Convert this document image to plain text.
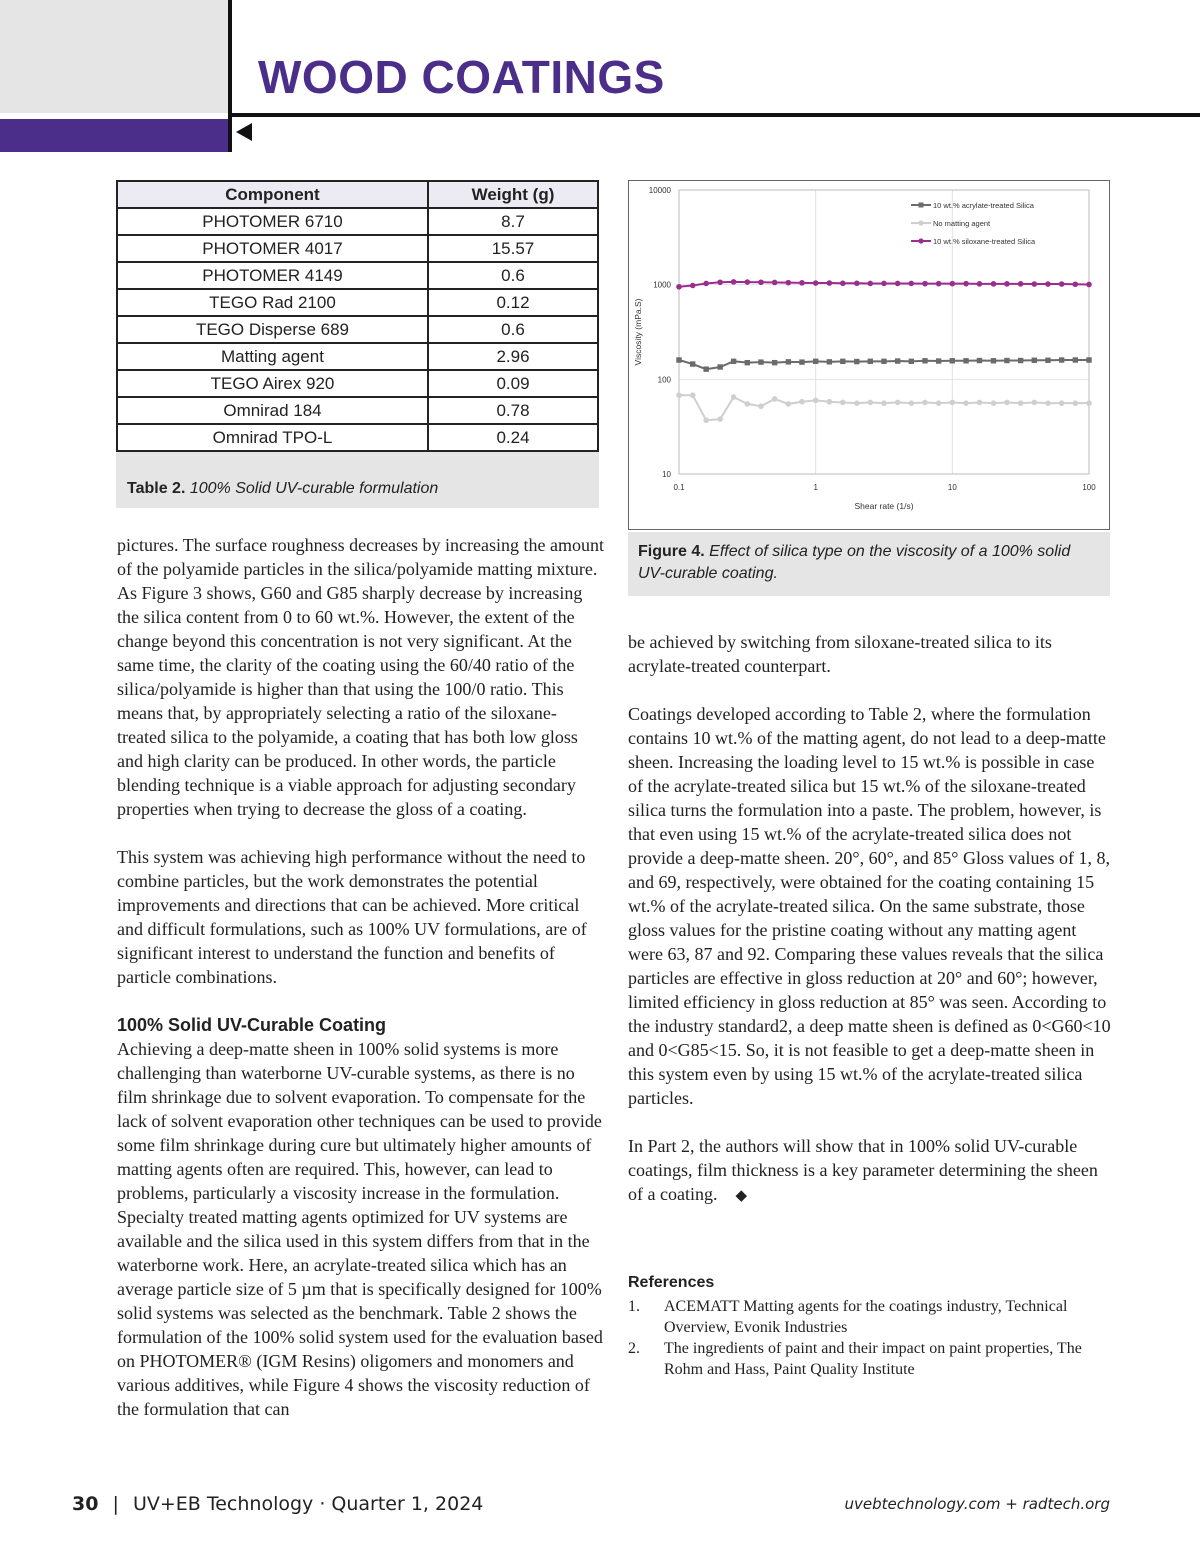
WOOD COATINGS
Component	Weight (g)
PHOTOMER 6710	8.7
PHOTOMER 4017	15.57
PHOTOMER 4149	0.6
TEGO Rad 2100	0.12
TEGO Disperse 689	0.6
Matting agent	2.96
TEGO Airex 920	0.09
Omnirad 184	0.78
Omnirad TPO-L	0.24
Table 2. 100% Solid UV-curable formulation	0.1	1	10	100
10
100
1000
10000
Shear rate (1/s)
Viscosity (mPa.S)
10 wt.% acrylate-treated Silica
No matting agent
10 wt.% siloxane-treated Silica
Figure 4. Effect of silica type on the viscosity of a 100% solid UV-curable coating.

pictures. The surface roughness decreases by increasing the amount of the polyamide particles in the silica/polyamide matting mixture. As Figure 3 shows, G60 and G85 sharply decrease by increasing the silica content from 0 to 60 wt.%. However, the extent of the change beyond this concentration is not very significant. At the same time, the clarity of the coating using the 60/40 ratio of the silica/polyamide is higher than that using the 100/0 ratio. This means that, by appropriately selecting a ratio of the siloxane-treated silica to the polyamide, a coating that has both low gloss and high clarity can be produced. In other words, the particle blending technique is a viable approach for adjusting secondary properties when trying to decrease the gloss of a coating.

This system was achieving high performance without the need to combine particles, but the work demonstrates the potential improvements and directions that can be achieved. More critical and difficult formulations, such as 100% UV formulations, are of significant interest to understand the function and benefits of particle combinations.

100% Solid UV-Curable Coating

Achieving a deep-matte sheen in 100% solid systems is more challenging than waterborne UV-curable systems, as there is no film shrinkage due to solvent evaporation. To compensate for the lack of solvent evaporation other techniques can be used to provide some film shrinkage during cure but ultimately higher amounts of matting agents often are required. This, however, can lead to problems, particularly a viscosity increase in the formulation. Specialty treated matting agents optimized for UV systems are available and the silica used in this system differs from that in the waterborne work. Here, an acrylate-treated silica which has an average particle size of 5 µm that is specifically designed for 100% solid systems was selected as the benchmark. Table 2 shows the formulation of the 100% solid system used for the evaluation based on PHOTOMER® (IGM Resins) oligomers and monomers and various additives, while Figure 4 shows the viscosity reduction of the formulation that can

be achieved by switching from siloxane-treated silica to its acrylate-treated counterpart.

Coatings developed according to Table 2, where the formulation contains 10 wt.% of the matting agent, do not lead to a deep-matte sheen. Increasing the loading level to 15 wt.% is possible in case of the acrylate-treated silica but 15 wt.% of the siloxane-treated silica turns the formulation into a paste. The problem, however, is that even using 15 wt.% of the acrylate-treated silica does not provide a deep-matte sheen. 20°, 60°, and 85° Gloss values of 1, 8, and 69, respectively, were obtained for the coating containing 15 wt.% of the acrylate-treated silica. On the same substrate, those gloss values for the pristine coating without any matting agent were 63, 87 and 92. Comparing these values reveals that the silica particles are effective in gloss reduction at 20° and 60°; however, limited efficiency in gloss reduction at 85° was seen. According to the industry standard2, a deep matte sheen is defined as 0<G60<10 and 0<G85<15. So, it is not feasible to get a deep-matte sheen in this system even by using 15 wt.% of the acrylate-treated silica particles.

In Part 2, the authors will show that in 100% solid UV-curable coatings, film thickness is a key parameter determining the sheen of a coating. ◆

References
1.	ACEMATT Matting agents for the coatings industry, Technical Overview, Evonik Industries
2.	The ingredients of paint and their impact on paint properties, The Rohm and Hass, Paint Quality Institute
30 | UV+EB Technology · Quarter 1, 2024	uvebtechnology.com + radtech.org
